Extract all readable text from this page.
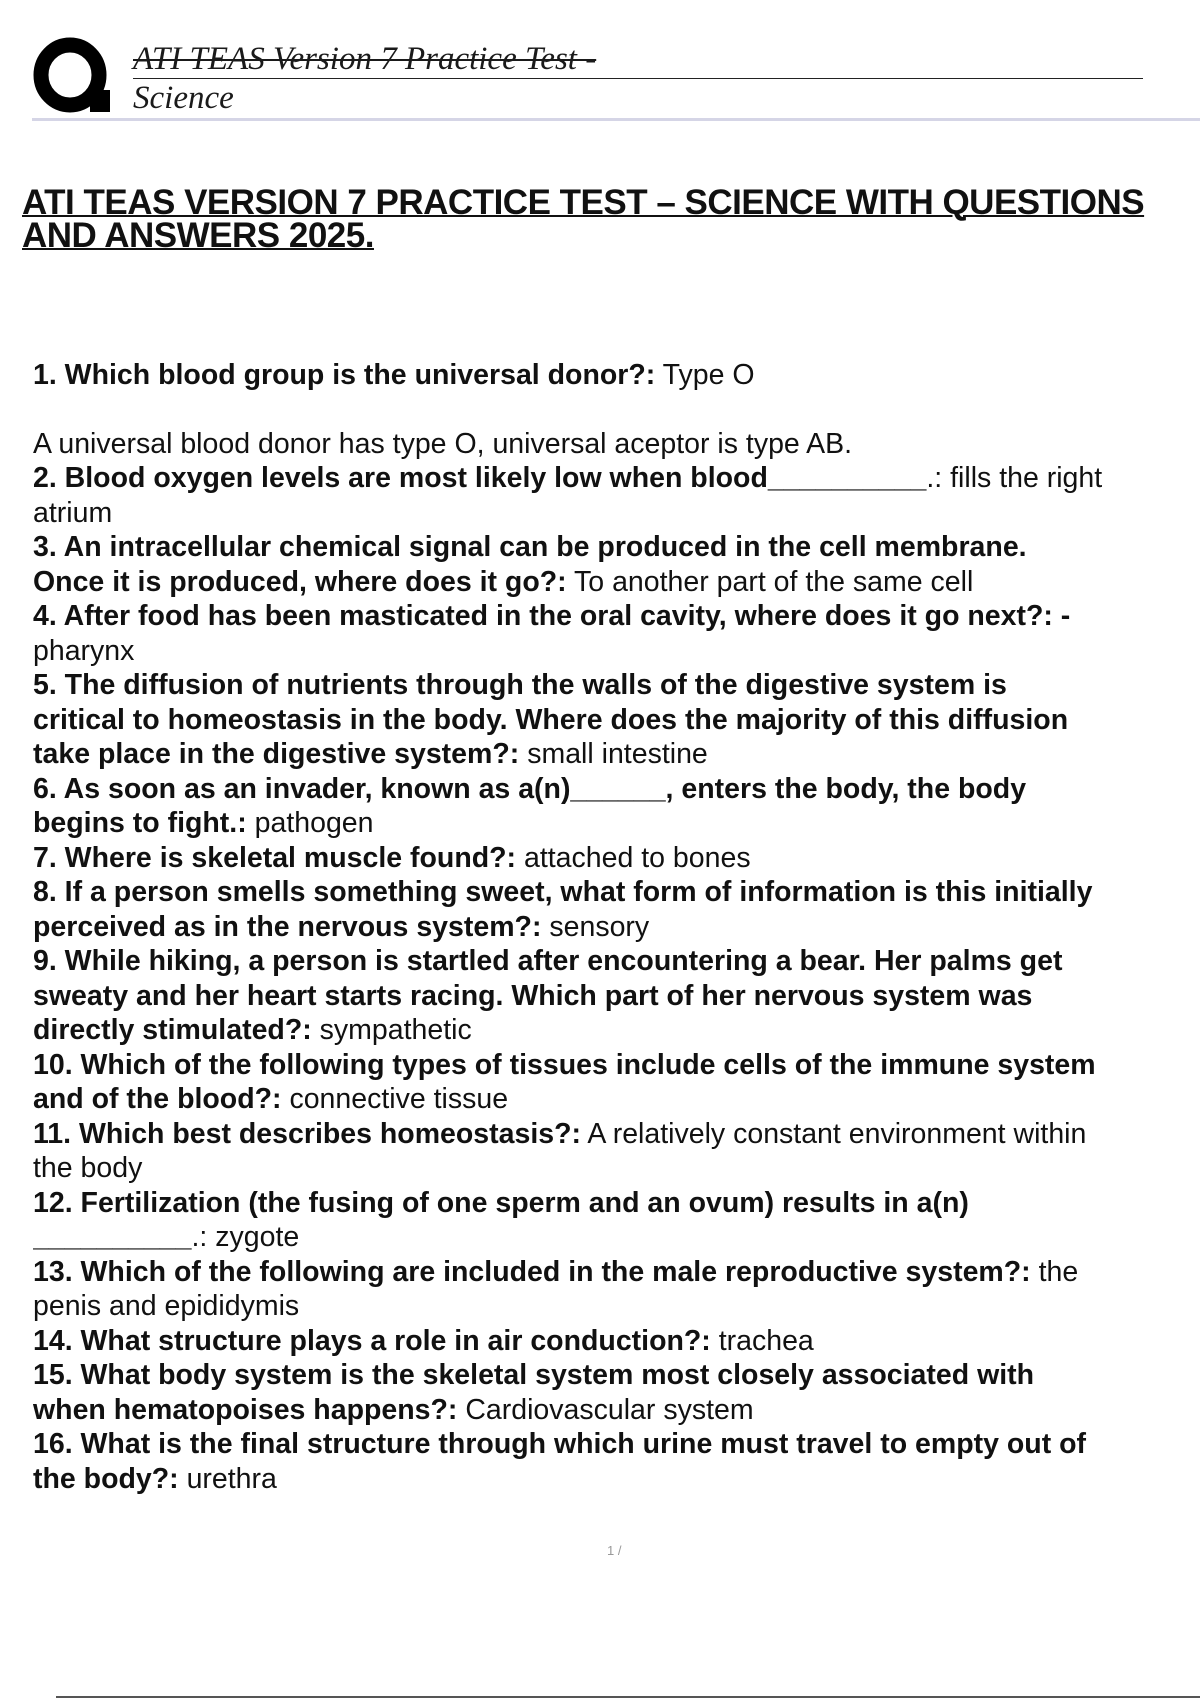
ATI TEAS Version 7 Practice Test -
Science
ATI TEAS VERSION 7 PRACTICE TEST – SCIENCE WITH QUESTIONS AND ANSWERS 2025.
1. Which blood group is the universal donor?: Type O
A universal blood donor has type O, universal aceptor is type AB.
2. Blood oxygen levels are most likely low when blood__________.: fills the right
atrium
3. An intracellular chemical signal can be produced in the cell membrane.
Once it is produced, where does it go?: To another part of the same cell
4. After food has been masticated in the oral cavity, where does it go next?: -
pharynx
5. The diffusion of nutrients through the walls of the digestive system is
critical to homeostasis in the body. Where does the majority of this diffusion
take place in the digestive system?: small intestine
6. As soon as an invader, known as a(n)______, enters the body, the body
begins to fight.: pathogen
7. Where is skeletal muscle found?: attached to bones
8. If a person smells something sweet, what form of information is this initially
perceived as in the nervous system?: sensory
9. While hiking, a person is startled after encountering a bear. Her palms get
sweaty and her heart starts racing. Which part of her nervous system was
directly stimulated?: sympathetic
10. Which of the following types of tissues include cells of the immune system
and of the blood?: connective tissue
11. Which best describes homeostasis?: A relatively constant environment within
the body
12. Fertilization (the fusing of one sperm and an ovum) results in a(n)
__________.: zygote
13. Which of the following are included in the male reproductive system?: the
penis and epididymis
14. What structure plays a role in air conduction?: trachea
15. What body system is the skeletal system most closely associated with
when hematopoises happens?: Cardiovascular system
16. What is the final structure through which urine must travel to empty out of
the body?: urethra
1 /
